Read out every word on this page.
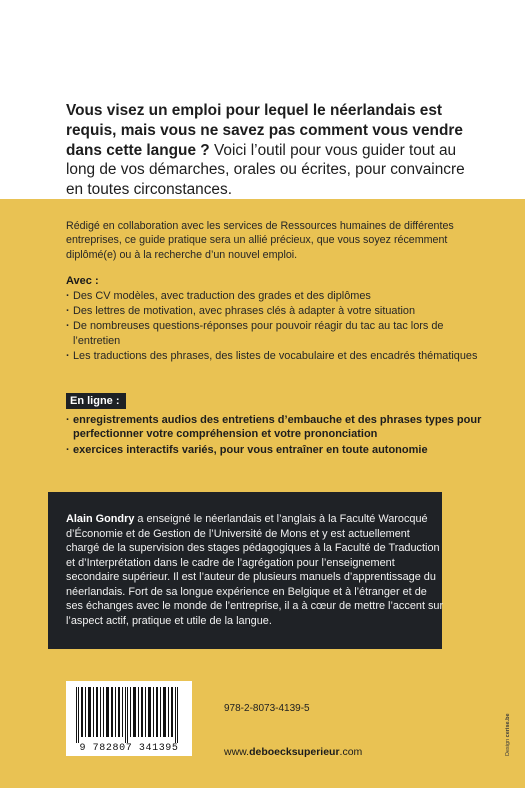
Vous visez un emploi pour lequel le néerlandais est requis, mais vous ne savez pas comment vous vendre dans cette langue ? Voici l’outil pour vous guider tout au long de vos démarches, orales ou écrites, pour convaincre en toutes circonstances.

Rédigé en collaboration avec les services de Ressources humaines de différentes entreprises, ce guide pratique sera un allié précieux, que vous soyez récemment diplômé(e) ou à la recherche d’un nouvel emploi.

Avec :

· Des CV modèles, avec traduction des grades et des diplômes
· Des lettres de motivation, avec phrases clés à adapter à votre situation
· De nombreuses questions-réponses pour pouvoir réagir du tac au tac lors de l’entretien
· Les traductions des phrases, des listes de vocabulaire et des encadrés thématiques
En ligne :
· enregistrements audios des entretiens d’embauche et des phrases types pour perfectionner votre compréhension et votre prononciation
· exercices interactifs variés, pour vous entraîner en toute autonomie

Alain Gondry a enseigné le néerlandais et l’anglais à la Faculté Warocqué d’Économie et de Gestion de l’Université de Mons et y est actuellement chargé de la supervision des stages pédagogiques à la Faculté de Traduction et d’Interprétation dans le cadre de l’agrégation pour l’enseignement secondaire supérieur. Il est l’auteur de plusieurs manuels d’apprentissage du néerlandais. Fort de sa longue expérience en Belgique et à l’étranger et de ses échanges avec le monde de l’entreprise, il a à cœur de mettre l’accent sur l’aspect actif, pratique et utile de la langue.

9 782807 341395

978-2-8073-4139-5

www.deboecksuperieur.com	Design cerise.be
